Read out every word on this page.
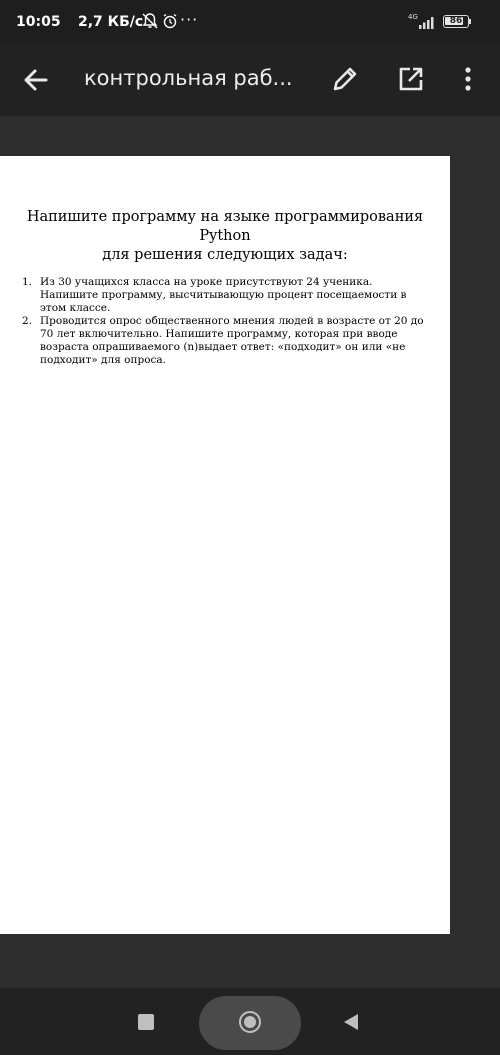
10:05 2,7 КБ/с ···	4G	86
контрольная раб...
Напишите программу на языке программирования Python
для решения следующих задач:
1. Из 30 учащихся класса на уроке присутствуют 24 ученика. Напишите программу, высчитывающую процент посещаемости в этом классе.
2. Проводится опрос общественного мнения людей в возрасте от 20 до 70 лет включительно. Напишите программу, которая при вводе возраста опрашиваемого (n)выдает ответ: «подходит» он или «не подходит» для опроса.
